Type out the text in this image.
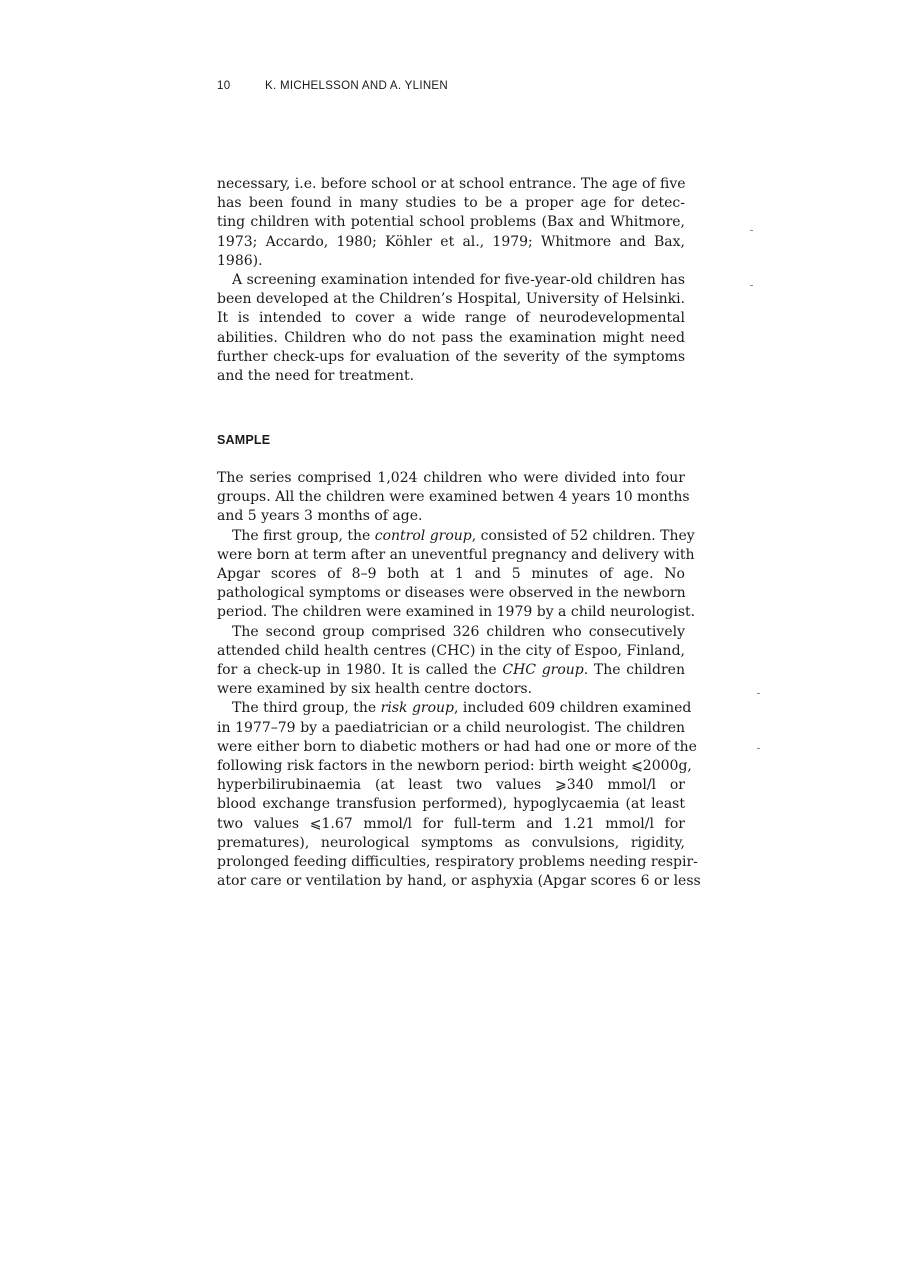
10	K. MICHELSSON AND A. YLINEN

necessary, i.e. before school or at school entrance. The age of five
has been found in many studies to be a proper age for detec-
ting children with potential school problems (Bax and Whitmore,
1973; Accardo, 1980; Köhler et al., 1979; Whitmore and Bax,
1986).

A screening examination intended for five-year-old children has
been developed at the Children’s Hospital, University of Helsinki.
It is intended to cover a wide range of neurodevelopmental
abilities. Children who do not pass the examination might need
further check-ups for evaluation of the severity of the symptoms
and the need for treatment.

SAMPLE

The series comprised 1,024 children who were divided into four
groups. All the children were examined betwen 4 years 10 months
and 5 years 3 months of age.

The first group, the control group, consisted of 52 children. They
were born at term after an uneventful pregnancy and delivery with
Apgar scores of 8–9 both at 1 and 5 minutes of age. No
pathological symptoms or diseases were observed in the newborn
period. The children were examined in 1979 by a child neurologist.

The second group comprised 326 children who consecutively
attended child health centres (CHC) in the city of Espoo, Finland,
for a check-up in 1980. It is called the CHC group. The children
were examined by six health centre doctors.

The third group, the risk group, included 609 children examined
in 1977–79 by a paediatrician or a child neurologist. The children
were either born to diabetic mothers or had had one or more of the
following risk factors in the newborn period: birth weight ⩽2000g,
hyperbilirubinaemia (at least two values ⩾340 mmol/l or
blood exchange transfusion performed), hypoglycaemia (at least
two values ⩽1.67 mmol/l for full-term and 1.21 mmol/l for
prematures), neurological symptoms as convulsions, rigidity,
prolonged feeding difficulties, respiratory problems needing respir-
ator care or ventilation by hand, or asphyxia (Apgar scores 6 or less
